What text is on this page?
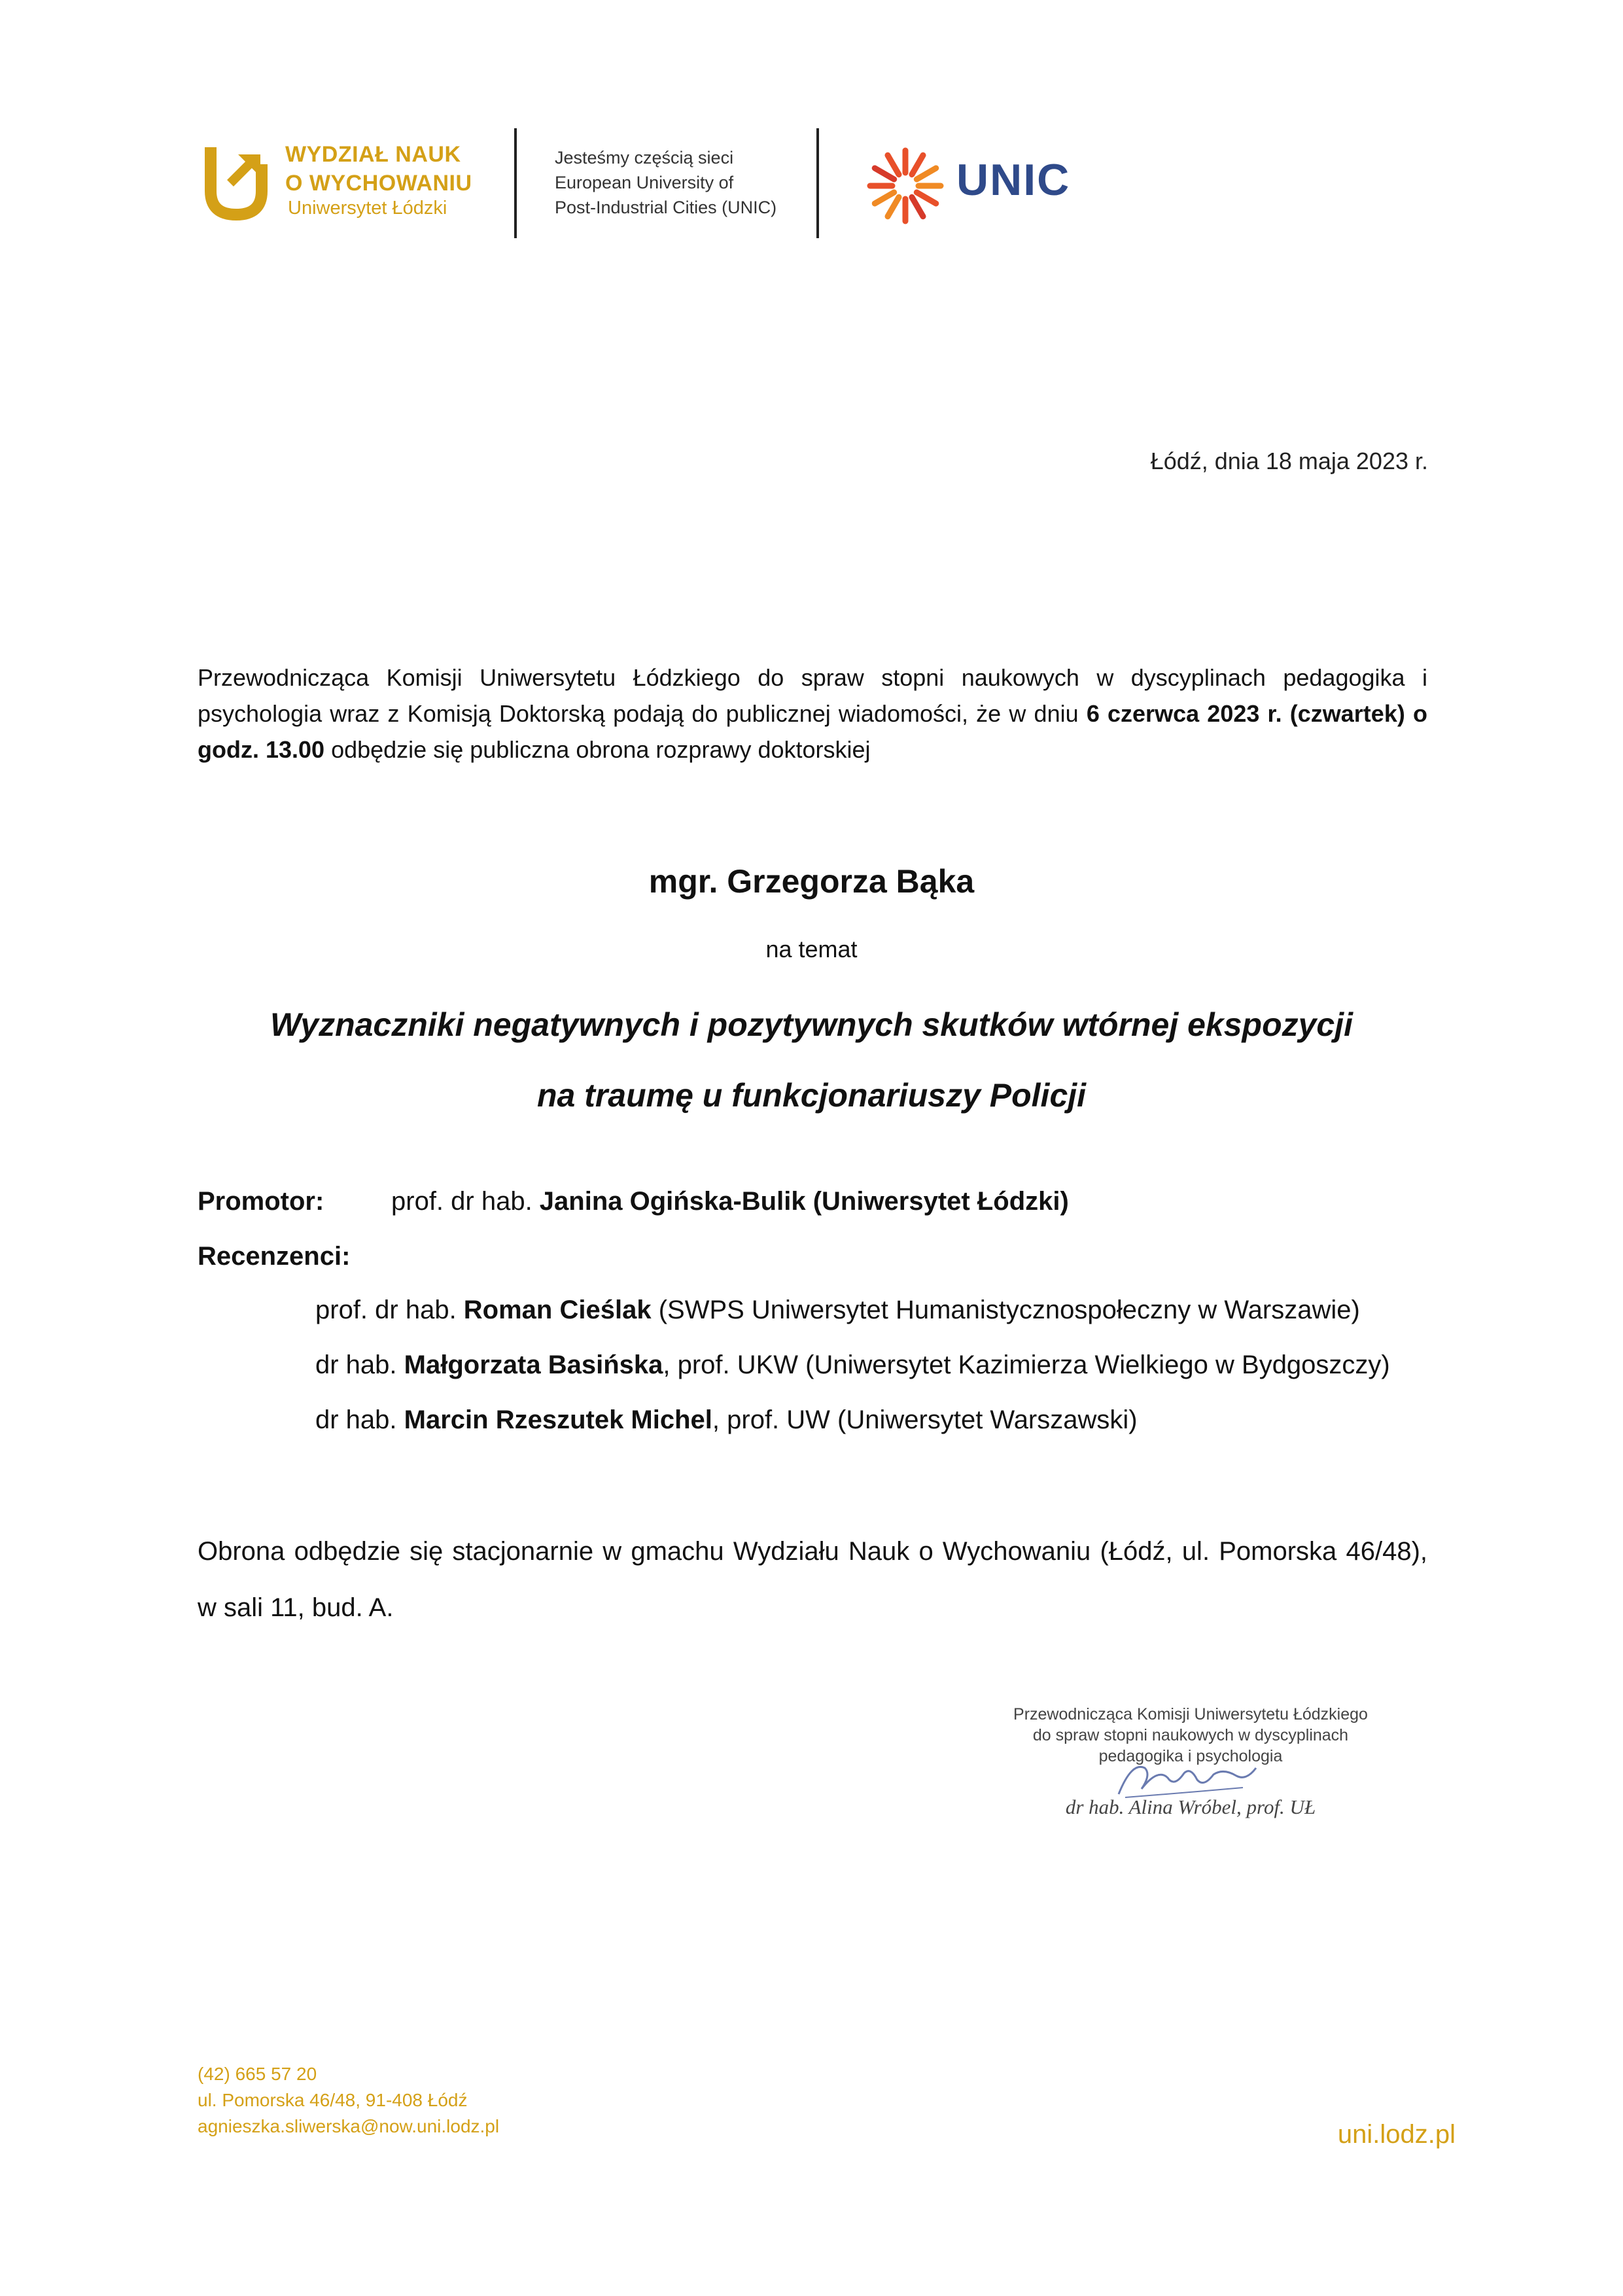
WYDZIAŁ NAUK
O WYCHOWANIU
Uniwersytet Łódzki
Jesteśmy częścią sieci
European University of
Post-Industrial Cities (UNIC)
UNIC
Łódź, dnia 18 maja 2023 r.
Przewodnicząca Komisji Uniwersytetu Łódzkiego do spraw stopni naukowych w dyscyplinach pedagogika i psychologia wraz z Komisją Doktorską podają do publicznej wiadomości, że w dniu 6 czerwca 2023 r. (czwartek) o godz. 13.00 odbędzie się publiczna obrona rozprawy doktorskiej
mgr. Grzegorza Bąka
na temat
Wyznaczniki negatywnych i pozytywnych skutków wtórnej ekspozycji
na traumę u funkcjonariuszy Policji
Promotor:	prof. dr hab. Janina Ogińska-Bulik (Uniwersytet Łódzki)
Recenzenci:
prof. dr hab. Roman Cieślak (SWPS Uniwersytet Humanistycznospołeczny w Warszawie)
dr hab. Małgorzata Basińska, prof. UKW (Uniwersytet Kazimierza Wielkiego w Bydgoszczy)
dr hab. Marcin Rzeszutek Michel, prof. UW (Uniwersytet Warszawski)
Obrona odbędzie się stacjonarnie w gmachu Wydziału Nauk o Wychowaniu (Łódź, ul. Pomorska 46/48), w sali 11, bud. A.
Przewodnicząca Komisji Uniwersytetu Łódzkiego
do spraw stopni naukowych w dyscyplinach
pedagogika i psychologia
dr hab. Alina Wróbel, prof. UŁ
(42) 665 57 20
ul. Pomorska 46/48, 91-408 Łódź
agnieszka.sliwerska@now.uni.lodz.pl	uni.lodz.pl
